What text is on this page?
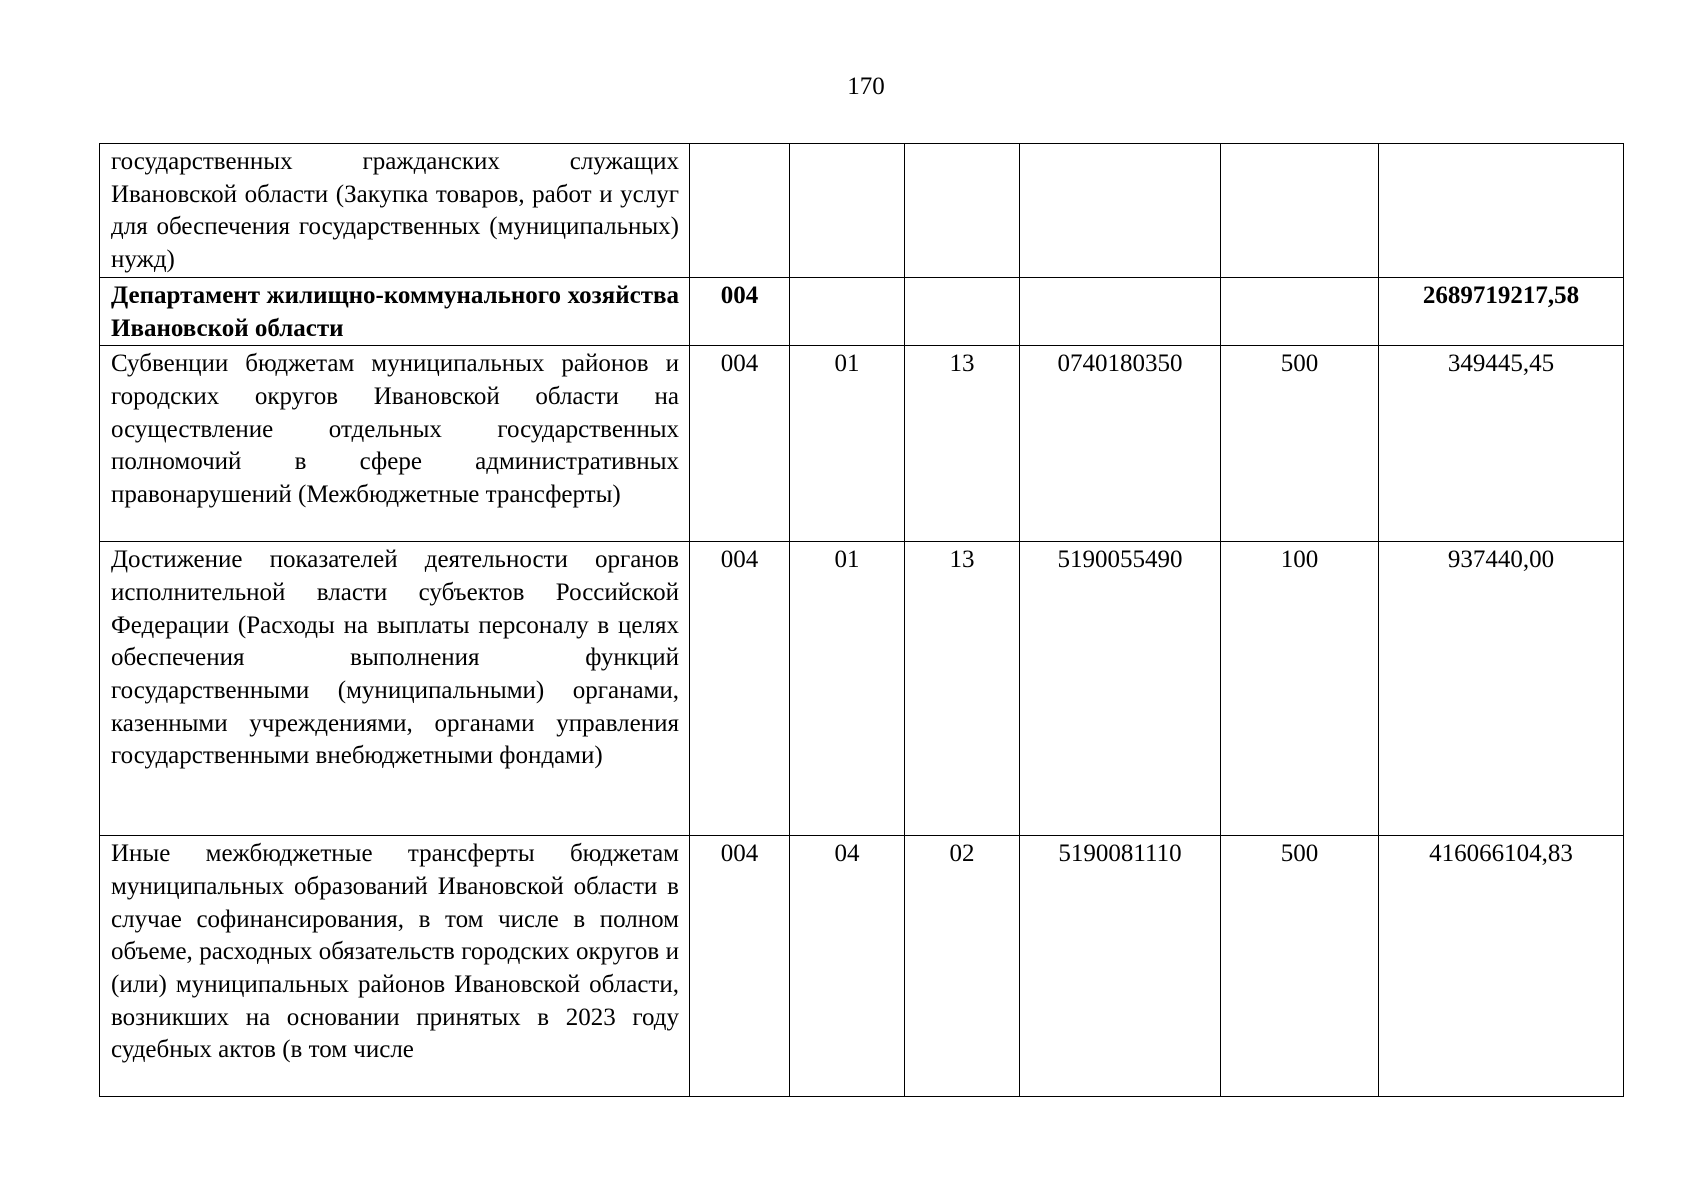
170
государственных гражданских служащих Ивановской области (Закупка товаров, работ и услуг для обеспечения государственных (муниципальных) нужд)						
Департамент жилищно-коммунального хозяйства Ивановской области	004					2689719217,58
Субвенции бюджетам муниципальных районов и городских округов Ивановской области на осуществление отдельных государственных полномочий в сфере административных правонарушений (Межбюджетные трансферты)	004	01	13	0740180350	500	349445,45
Достижение показателей деятельности органов исполнительной власти субъектов Российской Федерации (Расходы на выплаты персоналу в целях обеспечения выполнения функций государственными (муниципальными) органами, казенными учреждениями, органами управления государственными внебюджетными фондами)	004	01	13	5190055490	100	937440,00
Иные межбюджетные трансферты бюджетам муниципальных образований Ивановской области в случае софинансирования, в том числе в полном объеме, расходных обязательств городских округов и (или) муниципальных районов Ивановской области, возникших на основании принятых в 2023 году судебных актов (в том числе	004	04	02	5190081110	500	416066104,83
